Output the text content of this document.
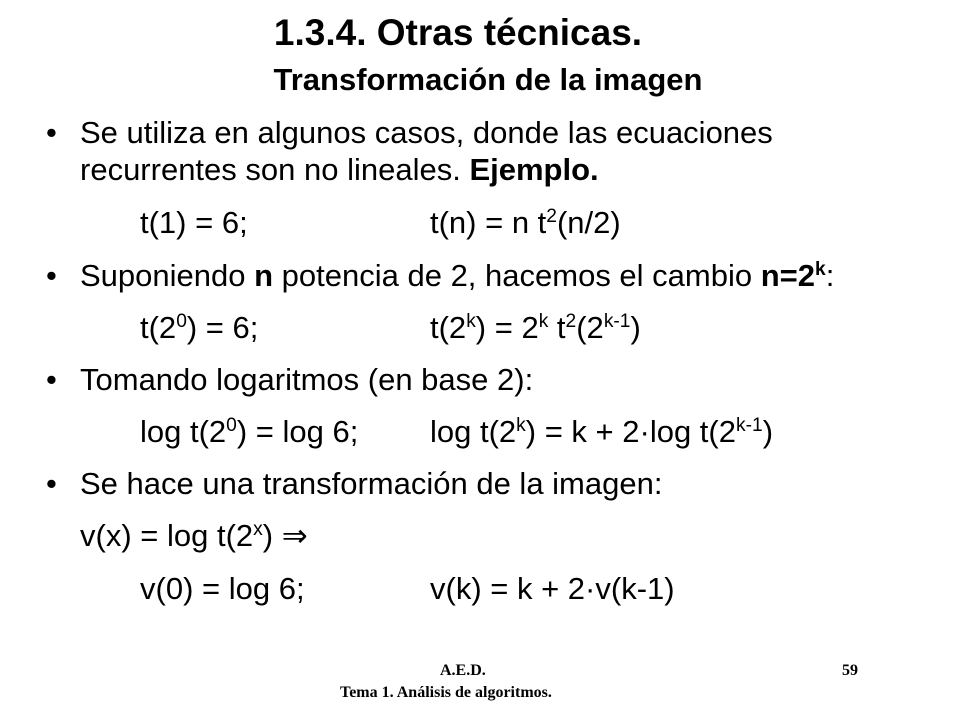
1.3.4. Otras técnicas.
Transformación de la imagen
• Se utiliza en algunos casos, donde las ecuaciones
recurrentes son no lineales. Ejemplo.
t(1) = 6;	t(n) = n $t^2(n/2)$
• Suponiendo n potencia de 2, hacemos el cambio $n=2^k$:
$t(2^0) = 6$;	$t(2^k) = 2^k$ $t^2(2^{k-1})$
• Tomando logaritmos (en base 2):
$\log t(2^0) = \log 6$; $\log t(2^k) = k + 2\cdot\log$ t(2$^{k-1}$)
• Se hace una transformación de la imagen:
v(x) = log t(2$^x$) ⇒
v(0) = log 6;	v(k) = k + 2·v(k-1)
A.E.D.
Tema 1. Análisis de algoritmos.
59
